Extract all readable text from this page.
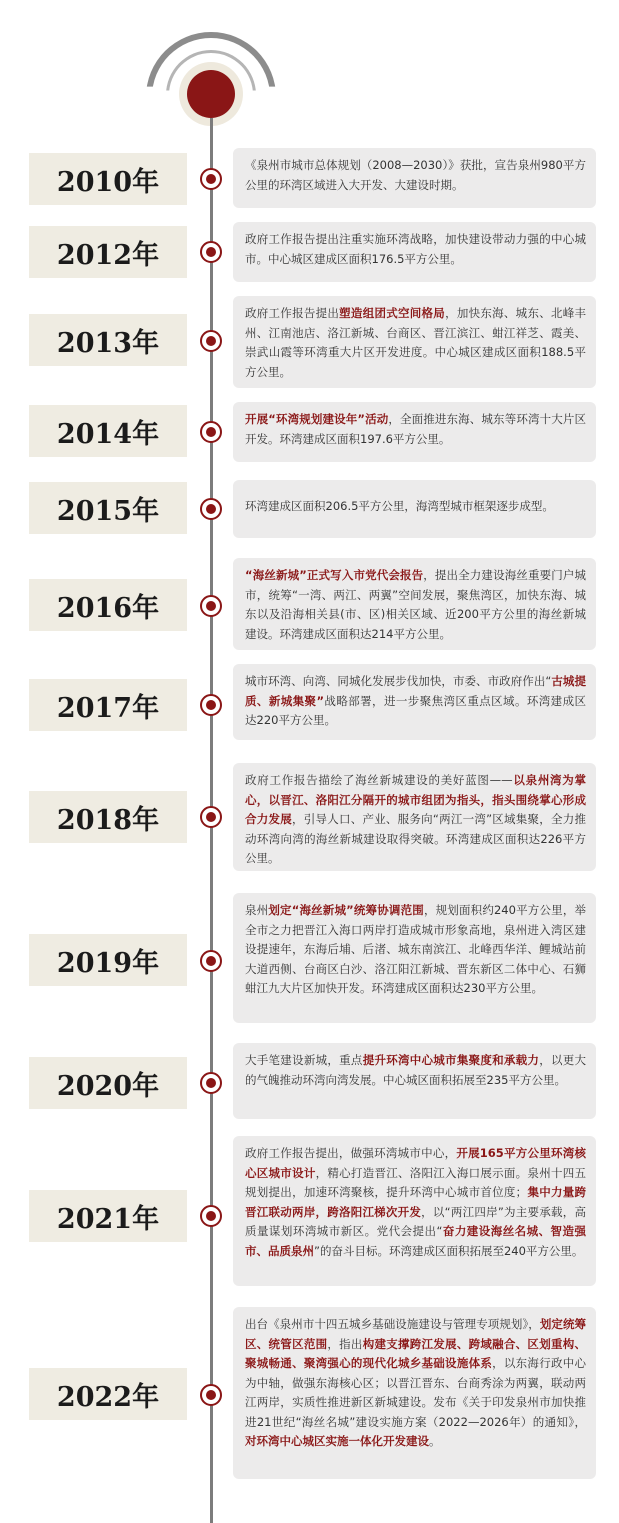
2010年
《泉州市城市总体规划（2008—2030）》获批，宣告泉州980平方公里的环湾区域进入大开发、大建设时期。
2012年
政府工作报告提出注重实施环湾战略，加快建设带动力强的中心城市。中心城区建成区面积176.5平方公里。
2013年
政府工作报告提出塑造组团式空间格局，加快东海、城东、北峰丰州、江南池店、洛江新城、台商区、晋江滨江、蚶江祥芝、霞美、崇武山霞等环湾重大片区开发进度。中心城区建成区面积188.5平方公里。
2014年	开展“环湾规划建设年”活动，全面推进东海、城东等环湾十大片区开发。环湾建成区面积197.6平方公里。
2015年	环湾建成区面积206.5平方公里，海湾型城市框架逐步成型。
2016年
“海丝新城”正式写入市党代会报告，提出全力建设海丝重要门户城市，统筹“一湾、两江、两翼”空间发展，聚焦湾区，加快东海、城东以及沿海相关县(市、区)相关区域、近200平方公里的海丝新城建设。环湾建成区面积达214平方公里。
2017年
城市环湾、向湾、同城化发展步伐加快，市委、市政府作出“古城提质、新城集聚”战略部署，进一步聚焦湾区重点区域。环湾建成区达220平方公里。
2018年
政府工作报告描绘了海丝新城建设的美好蓝图——以泉州湾为掌心，以晋江、洛阳江分隔开的城市组团为指头，指头围绕掌心形成合力发展，引导人口、产业、服务向“两江一湾”区域集聚，全力推动环湾向湾的海丝新城建设取得突破。环湾建成区面积达226平方公里。
2019年
泉州划定“海丝新城”统筹协调范围，规划面积约240平方公里，举全市之力把晋江入海口两岸打造成城市形象高地，泉州进入湾区建设提速年，东海后埔、后渚、城东南滨江、北峰西华洋、鲤城站前大道西侧、台商区白沙、洛江阳江新城、晋东新区二体中心、石狮蚶江九大片区加快开发。环湾建成区面积达230平方公里。
2020年
大手笔建设新城，重点提升环湾中心城市集聚度和承载力，以更大的气魄推动环湾向湾发展。中心城区面积拓展至235平方公里。
2021年
政府工作报告提出，做强环湾城市中心，开展165平方公里环湾核心区城市设计，精心打造晋江、洛阳江入海口展示面。泉州十四五规划提出，加速环湾聚核，提升环湾中心城市首位度；集中力量跨晋江联动两岸，跨洛阳江梯次开发，以“两江四岸”为主要承载，高质量谋划环湾城市新区。党代会提出“奋力建设海丝名城、智造强市、品质泉州”的奋斗目标。环湾建成区面积拓展至240平方公里。
2022年
出台《泉州市十四五城乡基础设施建设与管理专项规划》，划定统筹区、统管区范围，指出构建支撑跨江发展、跨域融合、区划重构、聚城畅通、聚湾强心的现代化城乡基础设施体系，以东海行政中心为中轴，做强东海核心区；以晋江晋东、台商秀涂为两翼，联动两江两岸，实质性推进新区新城建设。发布《关于印发泉州市加快推进21世纪“海丝名城”建设实施方案（2022—2026年）的通知》，对环湾中心城区实施一体化开发建设。
